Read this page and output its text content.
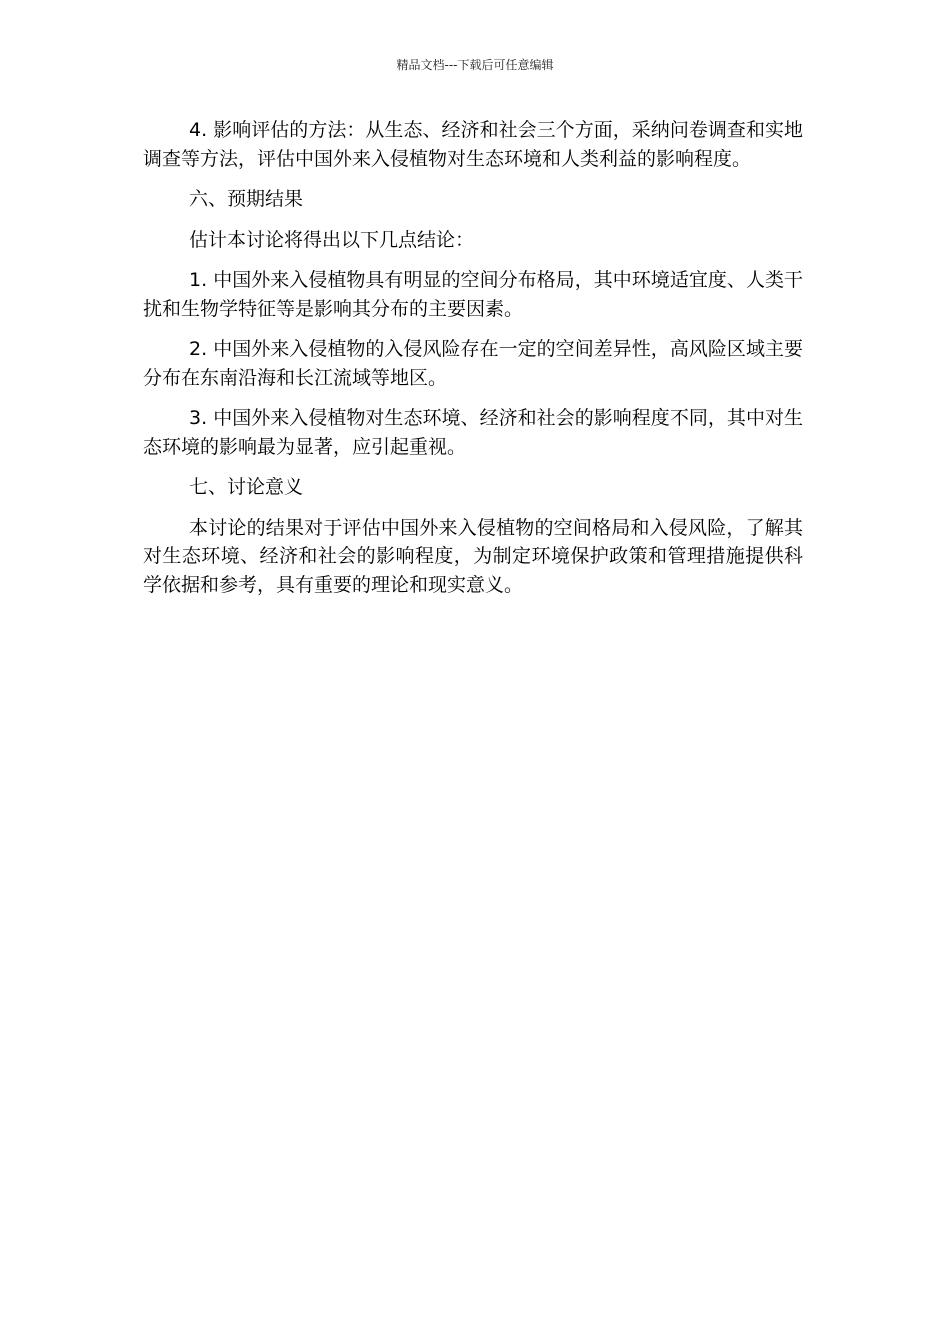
精品文档---下载后可任意编辑

4. 影响评估的方法：从生态、经济和社会三个方面，采纳问卷调查和实地调查等方法，评估中国外来入侵植物对生态环境和人类利益的影响程度。

六、预期结果

估计本讨论将得出以下几点结论：

1. 中国外来入侵植物具有明显的空间分布格局，其中环境适宜度、人类干扰和生物学特征等是影响其分布的主要因素。

2. 中国外来入侵植物的入侵风险存在一定的空间差异性，高风险区域主要分布在东南沿海和长江流域等地区。

3. 中国外来入侵植物对生态环境、经济和社会的影响程度不同，其中对生态环境的影响最为显著，应引起重视。

七、讨论意义

本讨论的结果对于评估中国外来入侵植物的空间格局和入侵风险，了解其对生态环境、经济和社会的影响程度，为制定环境保护政策和管理措施提供科学依据和参考，具有重要的理论和现实意义。
